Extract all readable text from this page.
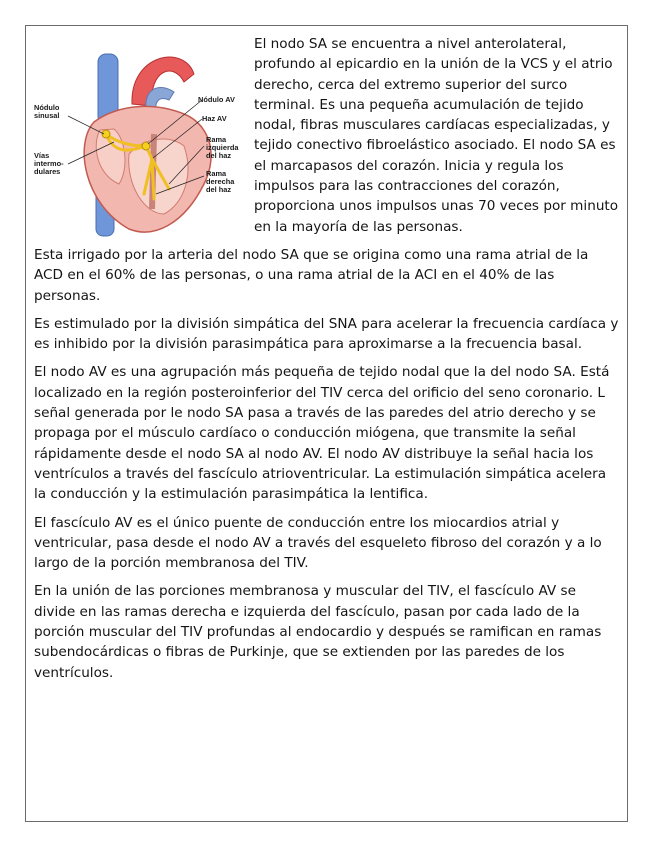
Nódulo sinusal
Vías intermo-dulares
Nódulo AV
Haz AV
Rama izquierda del haz
Rama derecha del haz

El nodo SA se encuentra a nivel anterolateral, profundo al epicardio en la unión de la VCS y el atrio derecho, cerca del extremo superior del surco terminal. Es una pequeña acumulación de tejido nodal, fibras musculares cardíacas especializadas, y tejido conectivo fibroelástico asociado. El nodo SA es el marcapasos del corazón. Inicia y regula los impulsos para las contracciones del corazón, proporciona unos impulsos unas 70 veces por minuto en la mayoría de las personas.

Esta irrigado por la arteria del nodo SA que se origina como una rama atrial de la ACD en el 60% de las personas, o una rama atrial de la ACI en el 40% de las personas.

Es estimulado por la división simpática del SNA para acelerar la frecuencia cardíaca y es inhibido por la división parasimpática para aproximarse a la frecuencia basal.

El nodo AV es una agrupación más pequeña de tejido nodal que la del nodo SA. Está localizado en la región posteroinferior del TIV cerca del orificio del seno coronario. L señal generada por le nodo SA pasa a través de las paredes del atrio derecho y se propaga por el músculo cardíaco o conducción miógena, que transmite la señal rápidamente desde el nodo SA al nodo AV. El nodo AV distribuye la señal hacia los ventrículos a través del fascículo atrioventricular. La estimulación simpática acelera la conducción y la estimulación parasimpática la lentifica.

El fascículo AV es el único puente de conducción entre los miocardios atrial y ventricular, pasa desde el nodo AV a través del esqueleto fibroso del corazón y a lo largo de la porción membranosa del TIV.

En la unión de las porciones membranosa y muscular del TIV, el fascículo AV se divide en las ramas derecha e izquierda del fascículo, pasan por cada lado de la porción muscular del TIV profundas al endocardio y después se ramifican en ramas subendocárdicas o fibras de Purkinje, que se extienden por las paredes de los ventrículos.
